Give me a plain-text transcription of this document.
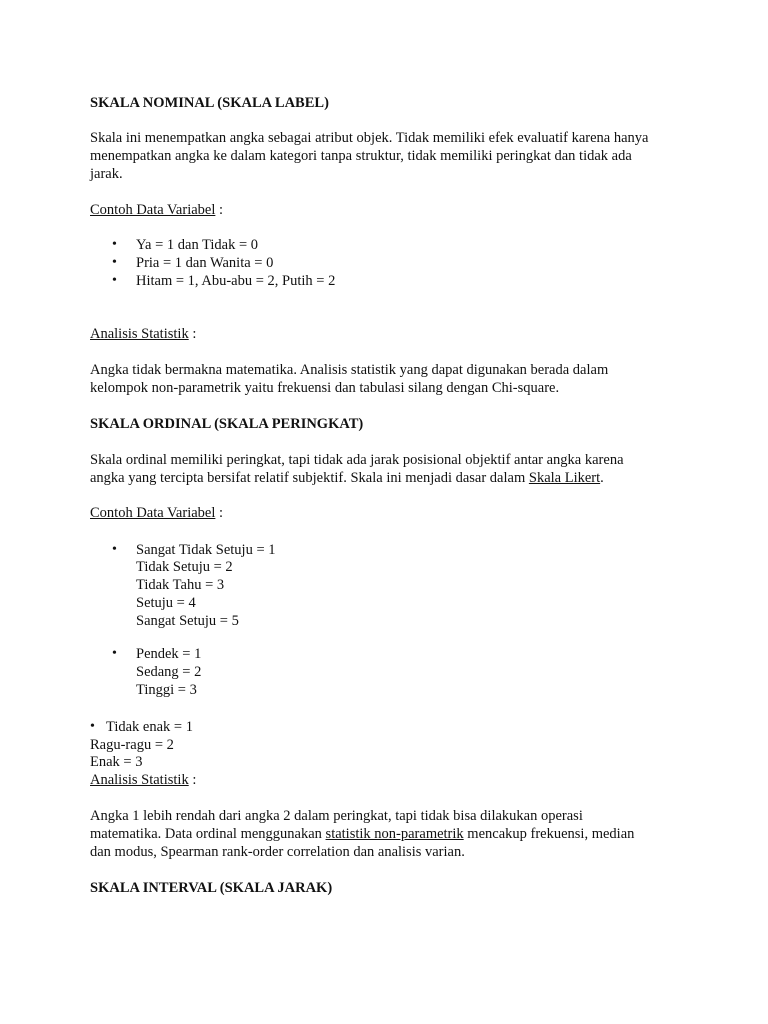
SKALA NOMINAL (SKALA LABEL)
Skala ini menempatkan angka sebagai atribut objek. Tidak memiliki efek evaluatif karena hanya
menempatkan angka ke dalam kategori tanpa struktur, tidak memiliki peringkat dan tidak ada
jarak.
Contoh Data Variabel :
• Ya = 1 dan Tidak = 0
• Pria = 1 dan Wanita = 0
• Hitam = 1, Abu-abu = 2, Putih = 2
Analisis Statistik :
Angka tidak bermakna matematika. Analisis statistik yang dapat digunakan berada dalam
kelompok non-parametrik yaitu frekuensi dan tabulasi silang dengan Chi-square.
SKALA ORDINAL (SKALA PERINGKAT)
Skala ordinal memiliki peringkat, tapi tidak ada jarak posisional objektif antar angka karena
angka yang tercipta bersifat relatif subjektif. Skala ini menjadi dasar dalam Skala Likert.
Contoh Data Variabel :
• Sangat Tidak Setuju = 1
Tidak Setuju = 2
Tidak Tahu = 3
Setuju = 4
Sangat Setuju = 5
• Pendek = 1
Sedang = 2
Tinggi = 3
• Tidak enak = 1
Ragu-ragu = 2
Enak = 3
Analisis Statistik :
Angka 1 lebih rendah dari angka 2 dalam peringkat, tapi tidak bisa dilakukan operasi
matematika. Data ordinal menggunakan statistik non-parametrik mencakup frekuensi, median
dan modus, Spearman rank-order correlation dan analisis varian.
SKALA INTERVAL (SKALA JARAK)
